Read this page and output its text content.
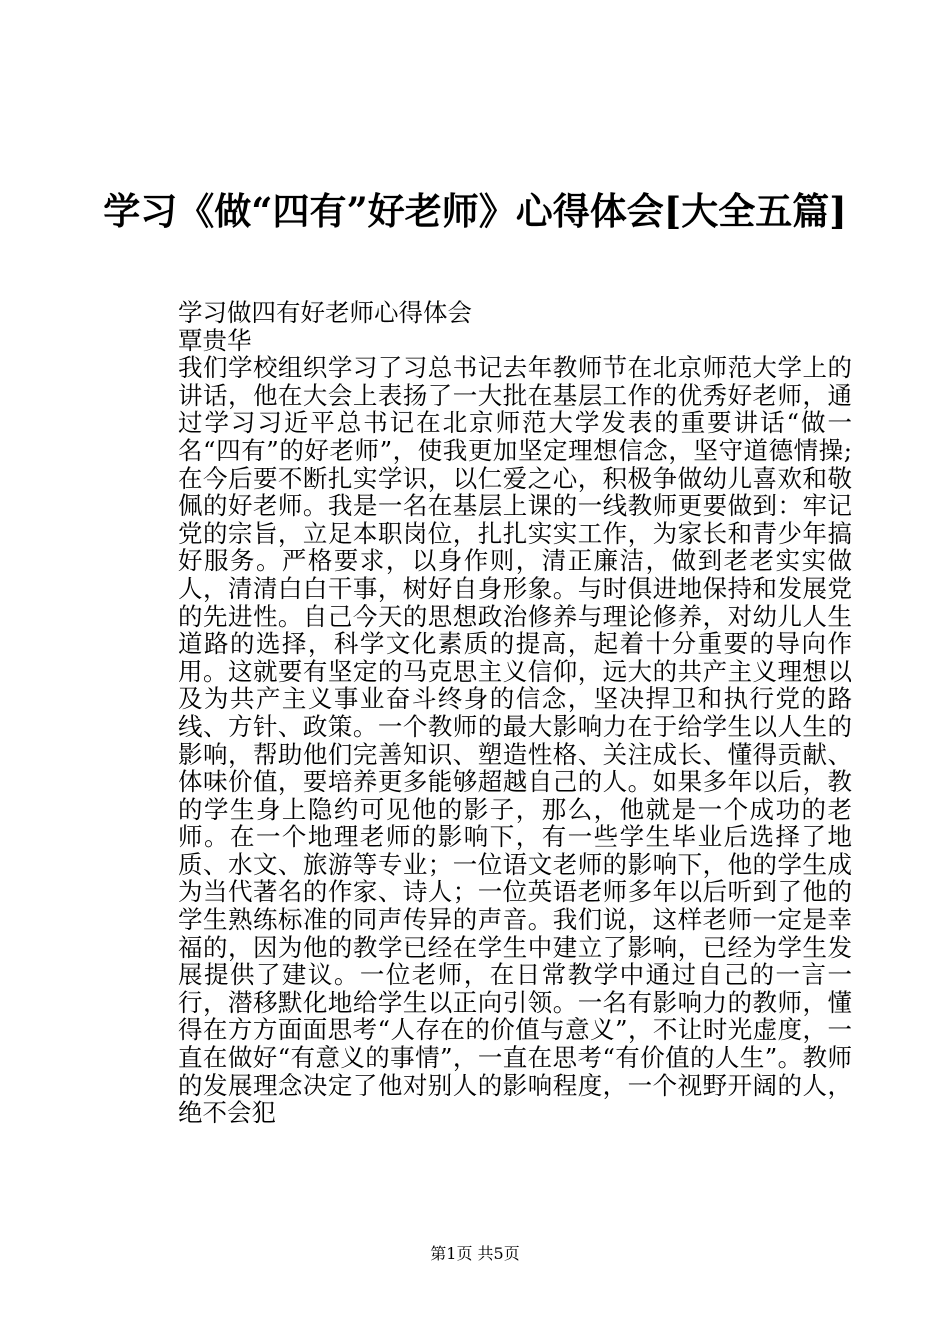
学习《做“四有”好老师》心得体会[大全五篇]

学习做四有好老师心得体会

覃贵华

我们学校组织学习了习总书记去年教师节在北京师范大学上的讲话，他在大会上表扬了一大批在基层工作的优秀好老师，通过学习习近平总书记在北京师范大学发表的重要讲话“做一名“四有”的好老师”，使我更加坚定理想信念，坚守道德情操;在今后要不断扎实学识，以仁爱之心，积极争做幼儿喜欢和敬佩的好老师。我是一名在基层上课的一线教师更要做到：牢记党的宗旨，立足本职岗位，扎扎实实工作，为家长和青少年搞好服务。严格要求，以身作则，清正廉洁，做到老老实实做人，清清白白干事，树好自身形象。与时俱进地保持和发展党的先进性。自己今天的思想政治修养与理论修养，对幼儿人生道路的选择，科学文化素质的提高，起着十分重要的导向作用。这就要有坚定的马克思主义信仰，远大的共产主义理想以及为共产主义事业奋斗终身的信念，坚决捍卫和执行党的路线、方针、政策。一个教师的最大影响力在于给学生以人生的影响，帮助他们完善知识、塑造性格、关注成长、懂得贡献、体味价值，要培养更多能够超越自己的人。如果多年以后，教的学生身上隐约可见他的影子，那么，他就是一个成功的老师。在一个地理老师的影响下，有一些学生毕业后选择了地质、水文、旅游等专业；一位语文老师的影响下，他的学生成为当代著名的作家、诗人；一位英语老师多年以后听到了他的学生熟练标准的同声传异的声音。我们说，这样老师一定是幸福的，因为他的教学已经在学生中建立了影响，已经为学生发展提供了建议。一位老师，在日常教学中通过自己的一言一行，潜移默化地给学生以正向引领。一名有影响力的教师，懂得在方方面面思考“人存在的价值与意义”，不让时光虚度，一直在做好“有意义的事情”，一直在思考“有价值的人生”。教师的发展理念决定了他对别人的影响程度，一个视野开阔的人，绝不会犯

第1页 共5页
